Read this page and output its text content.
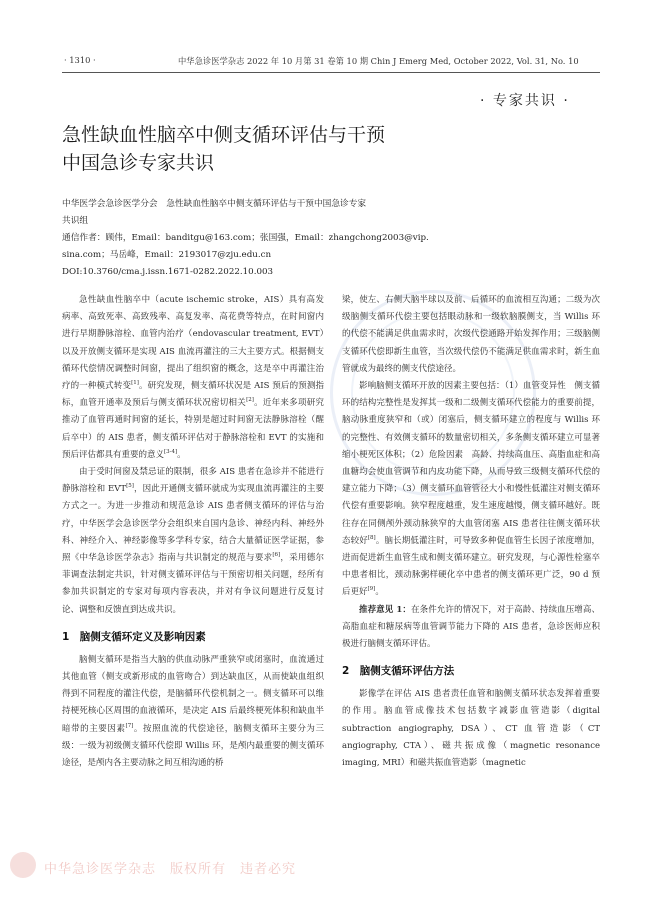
· 1310 ·	中华急诊医学杂志 2022 年 10 月第 31 卷第 10 期 Chin J Emerg Med, October 2022, Vol. 31, No. 10
· 专家共识 ·
急性缺血性脑卒中侧支循环评估与干预
中国急诊专家共识
中华医学会急诊医学分会　急性缺血性脑卒中侧支循环评估与干预中国急诊专家
共识组
通信作者：顾伟，Email：banditgu@163.com；张国强，Email：zhangchong2003@vip.
sina.com；马岳峰，Email：2193017@zju.edu.cn
DOI:10.3760/cma.j.issn.1671-0282.2022.10.003

急性缺血性脑卒中（acute ischemic stroke，AIS）具有高发病率、高致死率、高致残率、高复发率、高花费等特点，在时间窗内进行早期静脉溶栓、血管内治疗（endovascular treatment, EVT）以及开放侧支循环是实现 AIS 血流再灌注的三大主要方式。根据侧支循环代偿情况调整时间窗，提出了组织窗的概念，这是卒中再灌注治疗的一种模式转变[1]。研究发现，侧支循环状况是 AIS 预后的预测指标，血管开通率及预后与侧支循环状况密切相关[2]。近年来多项研究推动了血管再通时间窗的延长，特别是超过时间窗无法静脉溶栓（醒后卒中）的 AIS 患者，侧支循环评估对于静脉溶栓和 EVT 的实施和预后评估都具有重要的意义[3-4]。

由于受时间窗及禁忌证的限制，很多 AIS 患者在急诊并不能进行静脉溶栓和 EVT[5]，因此开通侧支循环就成为实现血流再灌注的主要方式之一。为进一步推动和规范急诊 AIS 患者侧支循环的评估与治疗，中华医学会急诊医学分会组织来自国内急诊、神经内科、神经外科、神经介入、神经影像等多学科专家，结合大量循证医学证据，参照《中华急诊医学杂志》指南与共识制定的规范与要求[6]，采用德尔菲调查法制定共识，针对侧支循环评估与干预密切相关问题，经所有参加共识制定的专家对每项内容表决，并对有争议问题进行反复讨论、调整和反馈直到达成共识。

1　脑侧支循环定义及影响因素

脑侧支循环是指当大脑的供血动脉严重狭窄或闭塞时，血流通过其他血管（侧支或新形成的血管吻合）到达缺血区，从而使缺血组织得到不同程度的灌注代偿，是脑循环代偿机制之一。侧支循环可以维持梗死核心区周围的血液循环，是决定 AIS 后最终梗死体积和缺血半暗带的主要因素[7]。按照血流的代偿途径，脑侧支循环主要分为三级：一级为初级侧支循环代偿即 Willis 环，是颅内最重要的侧支循环途径，是颅内各主要动脉之间互相沟通的桥

梁，使左、右侧大脑半球以及前、后循环的血流相互沟通；二级为次级脑侧支循环代偿主要包括眼动脉和一级软脑膜侧支，当 Willis 环的代偿不能满足供血需求时，次级代偿通路开始发挥作用；三级脑侧支循环代偿即新生血管，当次级代偿仍不能满足供血需求时，新生血管就成为最终的侧支代偿途径。

影响脑侧支循环开放的因素主要包括：（1）血管变异性　侧支循环的结构完整性是发挥其一级和二级侧支循环代偿能力的重要前提，脑动脉重度狭窄和（或）闭塞后，侧支循环建立的程度与 Willis 环的完整性、有效侧支循环的数量密切相关，多条侧支循环建立可显著缩小梗死区体积；（2）危险因素　高龄、持续高血压、高脂血症和高血糖均会使血管调节和内皮功能下降，从而导致三级侧支循环代偿的建立能力下降；（3）侧支循环血管管径大小和慢性低灌注对侧支循环代偿有重要影响。狭窄程度越重，发生速度越慢，侧支循环越好。既往存在同侧颅外颈动脉狭窄的大血管闭塞 AIS 患者往往侧支循环状态较好[8]。脑长期低灌注时，可导致多种促血管生长因子浓度增加，进而促进新生血管生成和侧支循环建立。研究发现，与心源性栓塞卒中患者相比，颈动脉粥样硬化卒中患者的侧支循环更广泛，90 d 预后更好[9]。

推荐意见 1：在条件允许的情况下，对于高龄、持续血压增高、高脂血症和糖尿病等血管调节能力下降的 AIS 患者，急诊医师应积极进行脑侧支循环评估。

2　脑侧支循环评估方法

影像学在评估 AIS 患者责任血管和脑侧支循环状态发挥着重要的作用。脑血管成像技术包括数字减影血管造影（digital subtraction angiography, DSA）、CT 血管造影（CT angiography, CTA）、磁共振成像（magnetic resonance imaging, MRI）和磁共振血管造影（magnetic

中华急诊医学杂志　版权所有　违者必究
